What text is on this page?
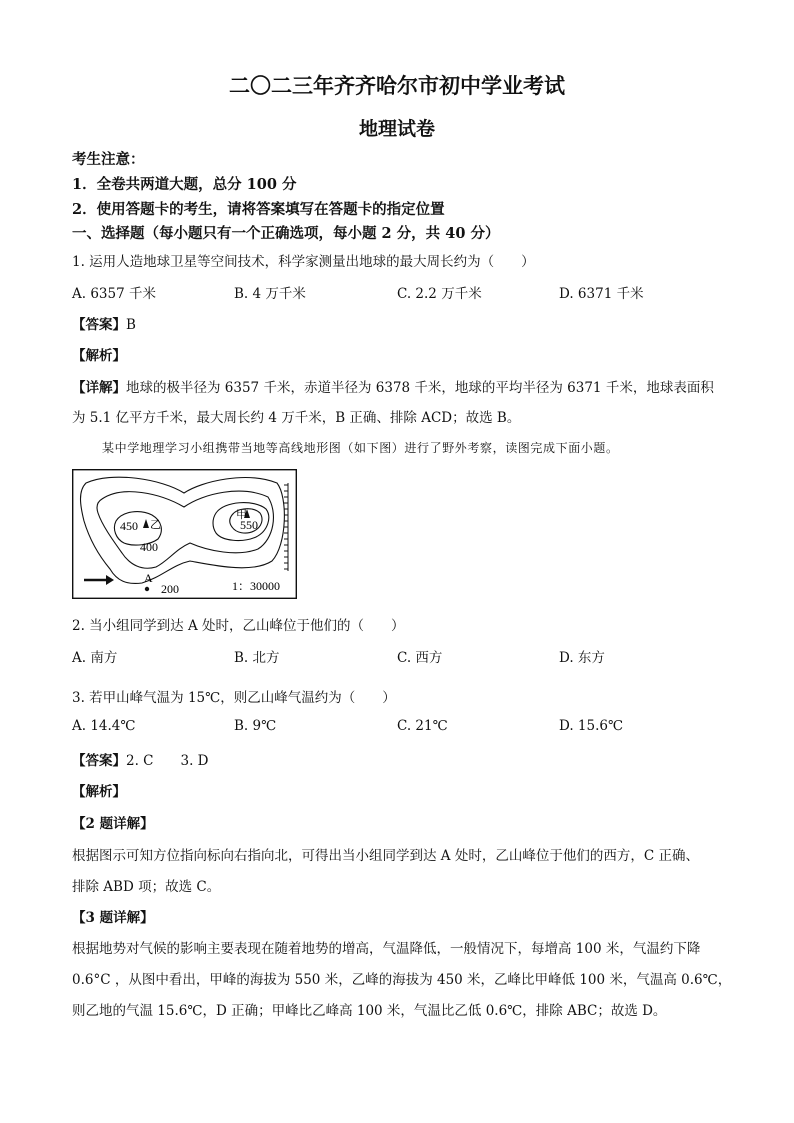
二〇二三年齐齐哈尔市初中学业考试
地理试卷
考生注意：
1．全卷共两道大题，总分 100 分
2．使用答题卡的考生，请将答案填写在答题卡的指定位置
一、选择题（每小题只有一个正确选项，每小题 2 分，共 40 分）
1. 运用人造地球卫星等空间技术，科学家测量出地球的最大周长约为（　　）
A. 6357 千米	B. 4 万千米	C. 2.2 万千米	D. 6371 千米
【答案】B
【解析】
【详解】地球的极半径为 6357 千米，赤道半径为 6378 千米，地球的平均半径为 6371 千米，地球表面积
为 5.1 亿平方千米，最大周长约 4 万千米，B 正确、排除 ACD；故选 B。
某中学地理学习小组携带当地等高线地形图（如下图）进行了野外考察，读图完成下面小题。
450 乙
400
甲
550
A
200	1：30000
2. 当小组同学到达 A 处时，乙山峰位于他们的（　　）
A. 南方	B. 北方	C. 西方	D. 东方
3. 若甲山峰气温为 15℃，则乙山峰气温约为（　　）
A. 14.4℃	B. 9℃	C. 21℃	D. 15.6℃
【答案】2. C　　3. D
【解析】
【2 题详解】
根据图示可知方位指向标向右指向北，可得出当小组同学到达 A 处时，乙山峰位于他们的西方，C 正确、
排除 ABD 项；故选 C。
【3 题详解】
根据地势对气候的影响主要表现在随着地势的增高，气温降低，一般情况下，每增高 100 米，气温约下降
0.6°C ，从图中看出，甲峰的海拔为 550 米，乙峰的海拔为 450 米，乙峰比甲峰低 100 米，气温高 0.6℃，
则乙地的气温 15.6℃，D 正确；甲峰比乙峰高 100 米，气温比乙低 0.6℃，排除 ABC；故选 D。
